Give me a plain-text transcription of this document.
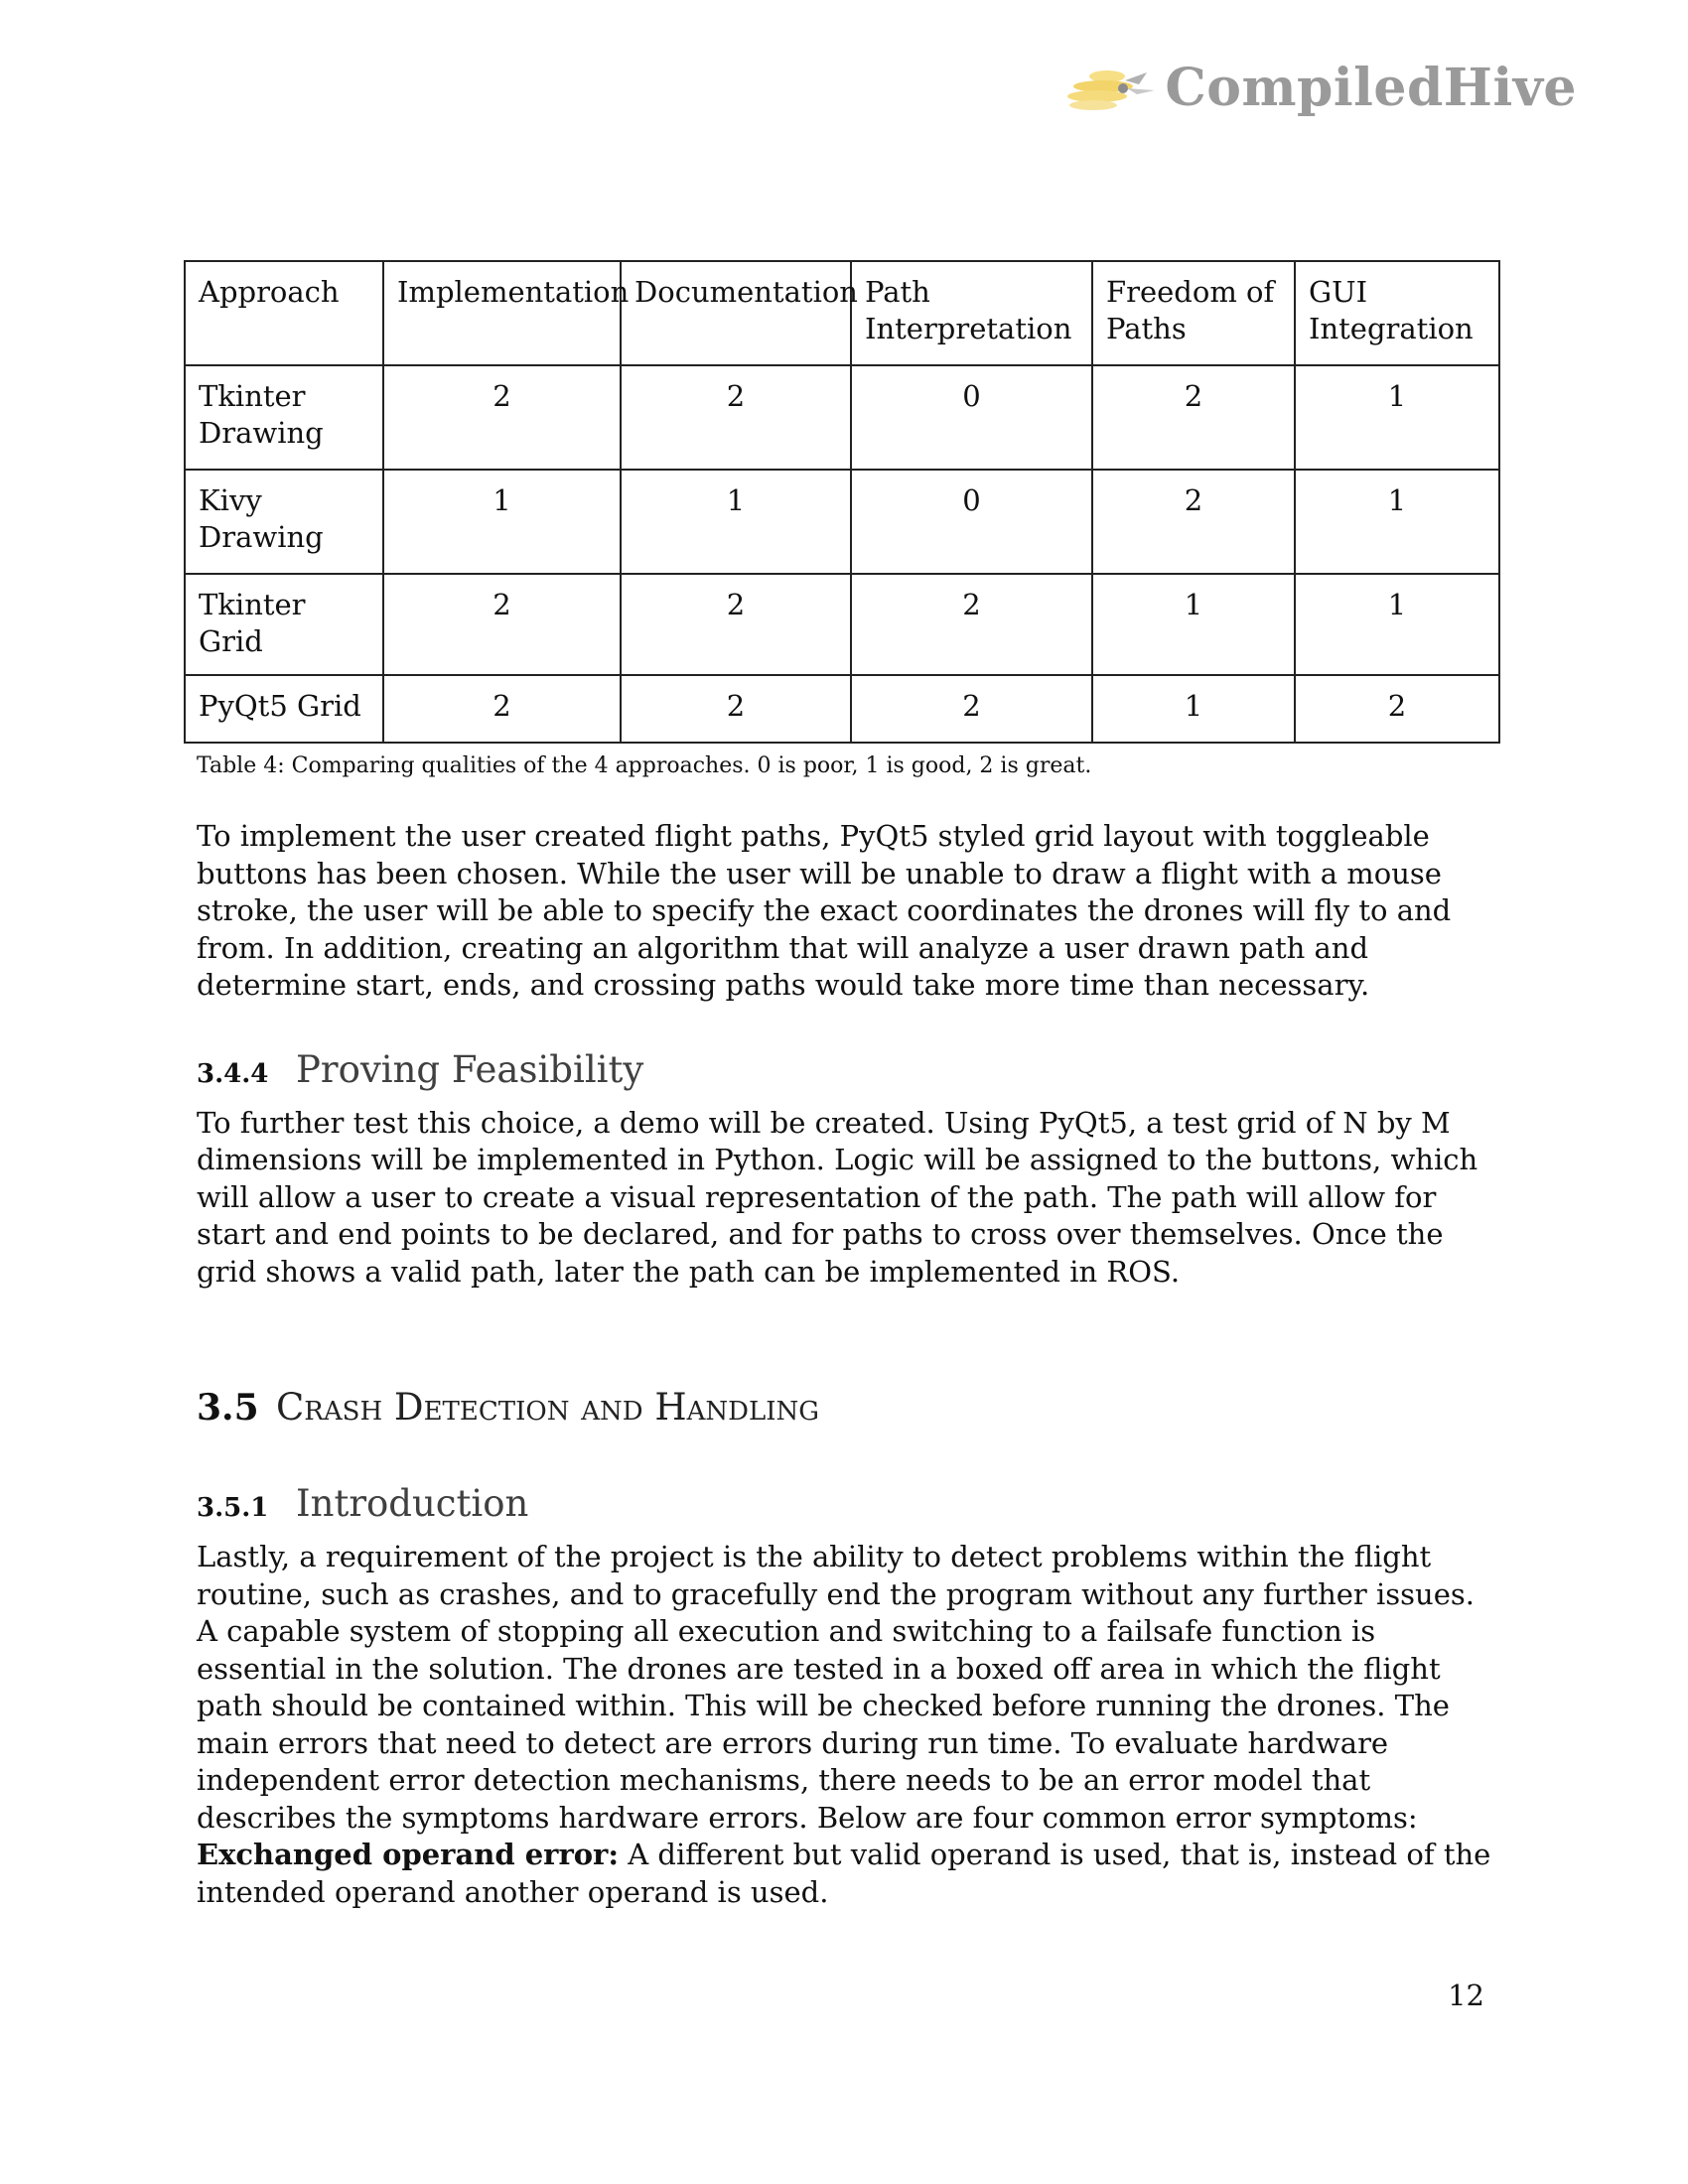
CompiledHive
Approach	Implementation	Documentation	Path Interpretation	Freedom of Paths	GUI Integration
Tkinter Drawing	2	2	0	2	1
Kivy Drawing	1	1	0	2	1
Tkinter Grid	2	2	2	1	1
PyQt5 Grid	2	2	2	1	2
Table 4: Comparing qualities of the 4 approaches. 0 is poor, 1 is good, 2 is great.

To implement the user created flight paths, PyQt5 styled grid layout with toggleable buttons has been chosen. While the user will be unable to draw a flight with a mouse stroke, the user will be able to specify the exact coordinates the drones will fly to and from. In addition, creating an algorithm that will analyze a user drawn path and determine start, ends, and crossing paths would take more time than necessary.

3.4.4 Proving Feasibility

To further test this choice, a demo will be created. Using PyQt5, a test grid of N by M dimensions will be implemented in Python. Logic will be assigned to the buttons, which will allow a user to create a visual representation of the path. The path will allow for start and end points to be declared, and for paths to cross over themselves. Once the grid shows a valid path, later the path can be implemented in ROS.

3.5 Crash Detection and Handling
3.5.1 Introduction

Lastly, a requirement of the project is the ability to detect problems within the flight routine, such as crashes, and to gracefully end the program without any further issues. A capable system of stopping all execution and switching to a failsafe function is essential in the solution. The drones are tested in a boxed off area in which the flight path should be contained within. This will be checked before running the drones. The main errors that need to detect are errors during run time. To evaluate hardware independent error detection mechanisms, there needs to be an error model that describes the symptoms hardware errors. Below are four common error symptoms:

Exchanged operand error: A different but valid operand is used, that is, instead of the intended operand another operand is used.

12
